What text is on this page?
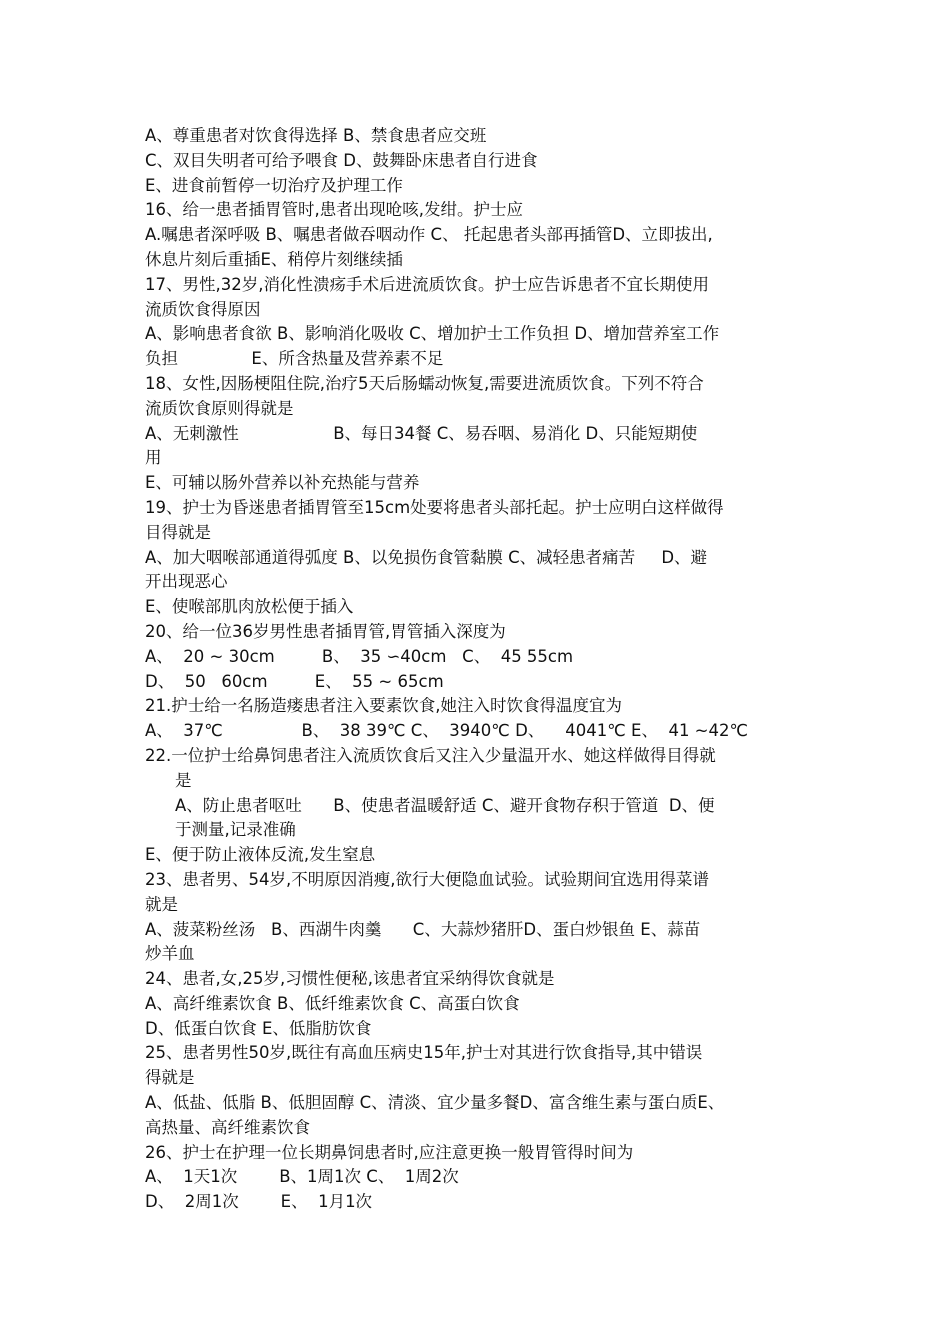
A、尊重患者对饮食得选择 B、禁食患者应交班
C、双目失明者可给予喂食 D、鼓舞卧床患者自行进食
E、进食前暂停一切治疗及护理工作
16、给一患者插胃管时,患者出现呛咳,发绀。护士应
A.嘱患者深呼吸 B、嘱患者做吞咽动作 C、 托起患者头部再插管D、立即拔出,
休息片刻后重插E、稍停片刻继续插
17、男性,32岁,消化性溃疡手术后进流质饮食。护士应告诉患者不宜长期使用
流质饮食得原因
A、影响患者食欲 B、影响消化吸收 C、增加护士工作负担 D、增加营养室工作
负担              E、所含热量及营养素不足
18、女性,因肠梗阻住院,治疗5天后肠蠕动恢复,需要进流质饮食。下列不符合
流质饮食原则得就是
A、无刺激性                  B、每日34餐 C、易吞咽、易消化 D、只能短期使
用
E、可辅以肠外营养以补充热能与营养
19、护士为昏迷患者插胃管至15cm处要将患者头部托起。护士应明白这样做得
目得就是
A、加大咽喉部通道得弧度 B、以免损伤食管黏膜 C、减轻患者痛苦     D、避
开出现恶心
E、使喉部肌肉放松便于插入
20、给一位36岁男性患者插胃管,胃管插入深度为
A、  20 ~ 30cm         B、  35 ∽40cm   C、  45 55cm
D、  50   60cm         E、  55 ~ 65cm
21.护士给一名肠造瘘患者注入要素饮食,她注入时饮食得温度宜为
A、  37℃               B、  38 39℃ C、  3940℃ D、    4041℃ E、  41 ~42℃
22.一位护士给鼻饲患者注入流质饮食后又注入少量温开水、她这样做得目得就
是
A、防止患者呕吐      B、使患者温暖舒适 C、避开食物存积于管道  D、便
于测量,记录准确
E、便于防止液体反流,发生窒息
23、患者男、54岁,不明原因消瘦,欲行大便隐血试验。试验期间宜选用得菜谱
就是
A、菠菜粉丝汤   B、西湖牛肉羹      C、大蒜炒猪肝D、蛋白炒银鱼 E、蒜苗
炒羊血
24、患者,女,25岁,习惯性便秘,该患者宜采纳得饮食就是
A、高纤维素饮食 B、低纤维素饮食 C、高蛋白饮食
D、低蛋白饮食 E、低脂肪饮食
25、患者男性50岁,既往有高血压病史15年,护士对其进行饮食指导,其中错误
得就是
A、低盐、低脂 B、低胆固醇 C、清淡、宜少量多餐D、富含维生素与蛋白质E、
高热量、高纤维素饮食
26、护士在护理一位长期鼻饲患者时,应注意更换一般胃管得时间为
A、  1天1次        B、1周1次 C、  1周2次
D、  2周1次        E、  1月1次
